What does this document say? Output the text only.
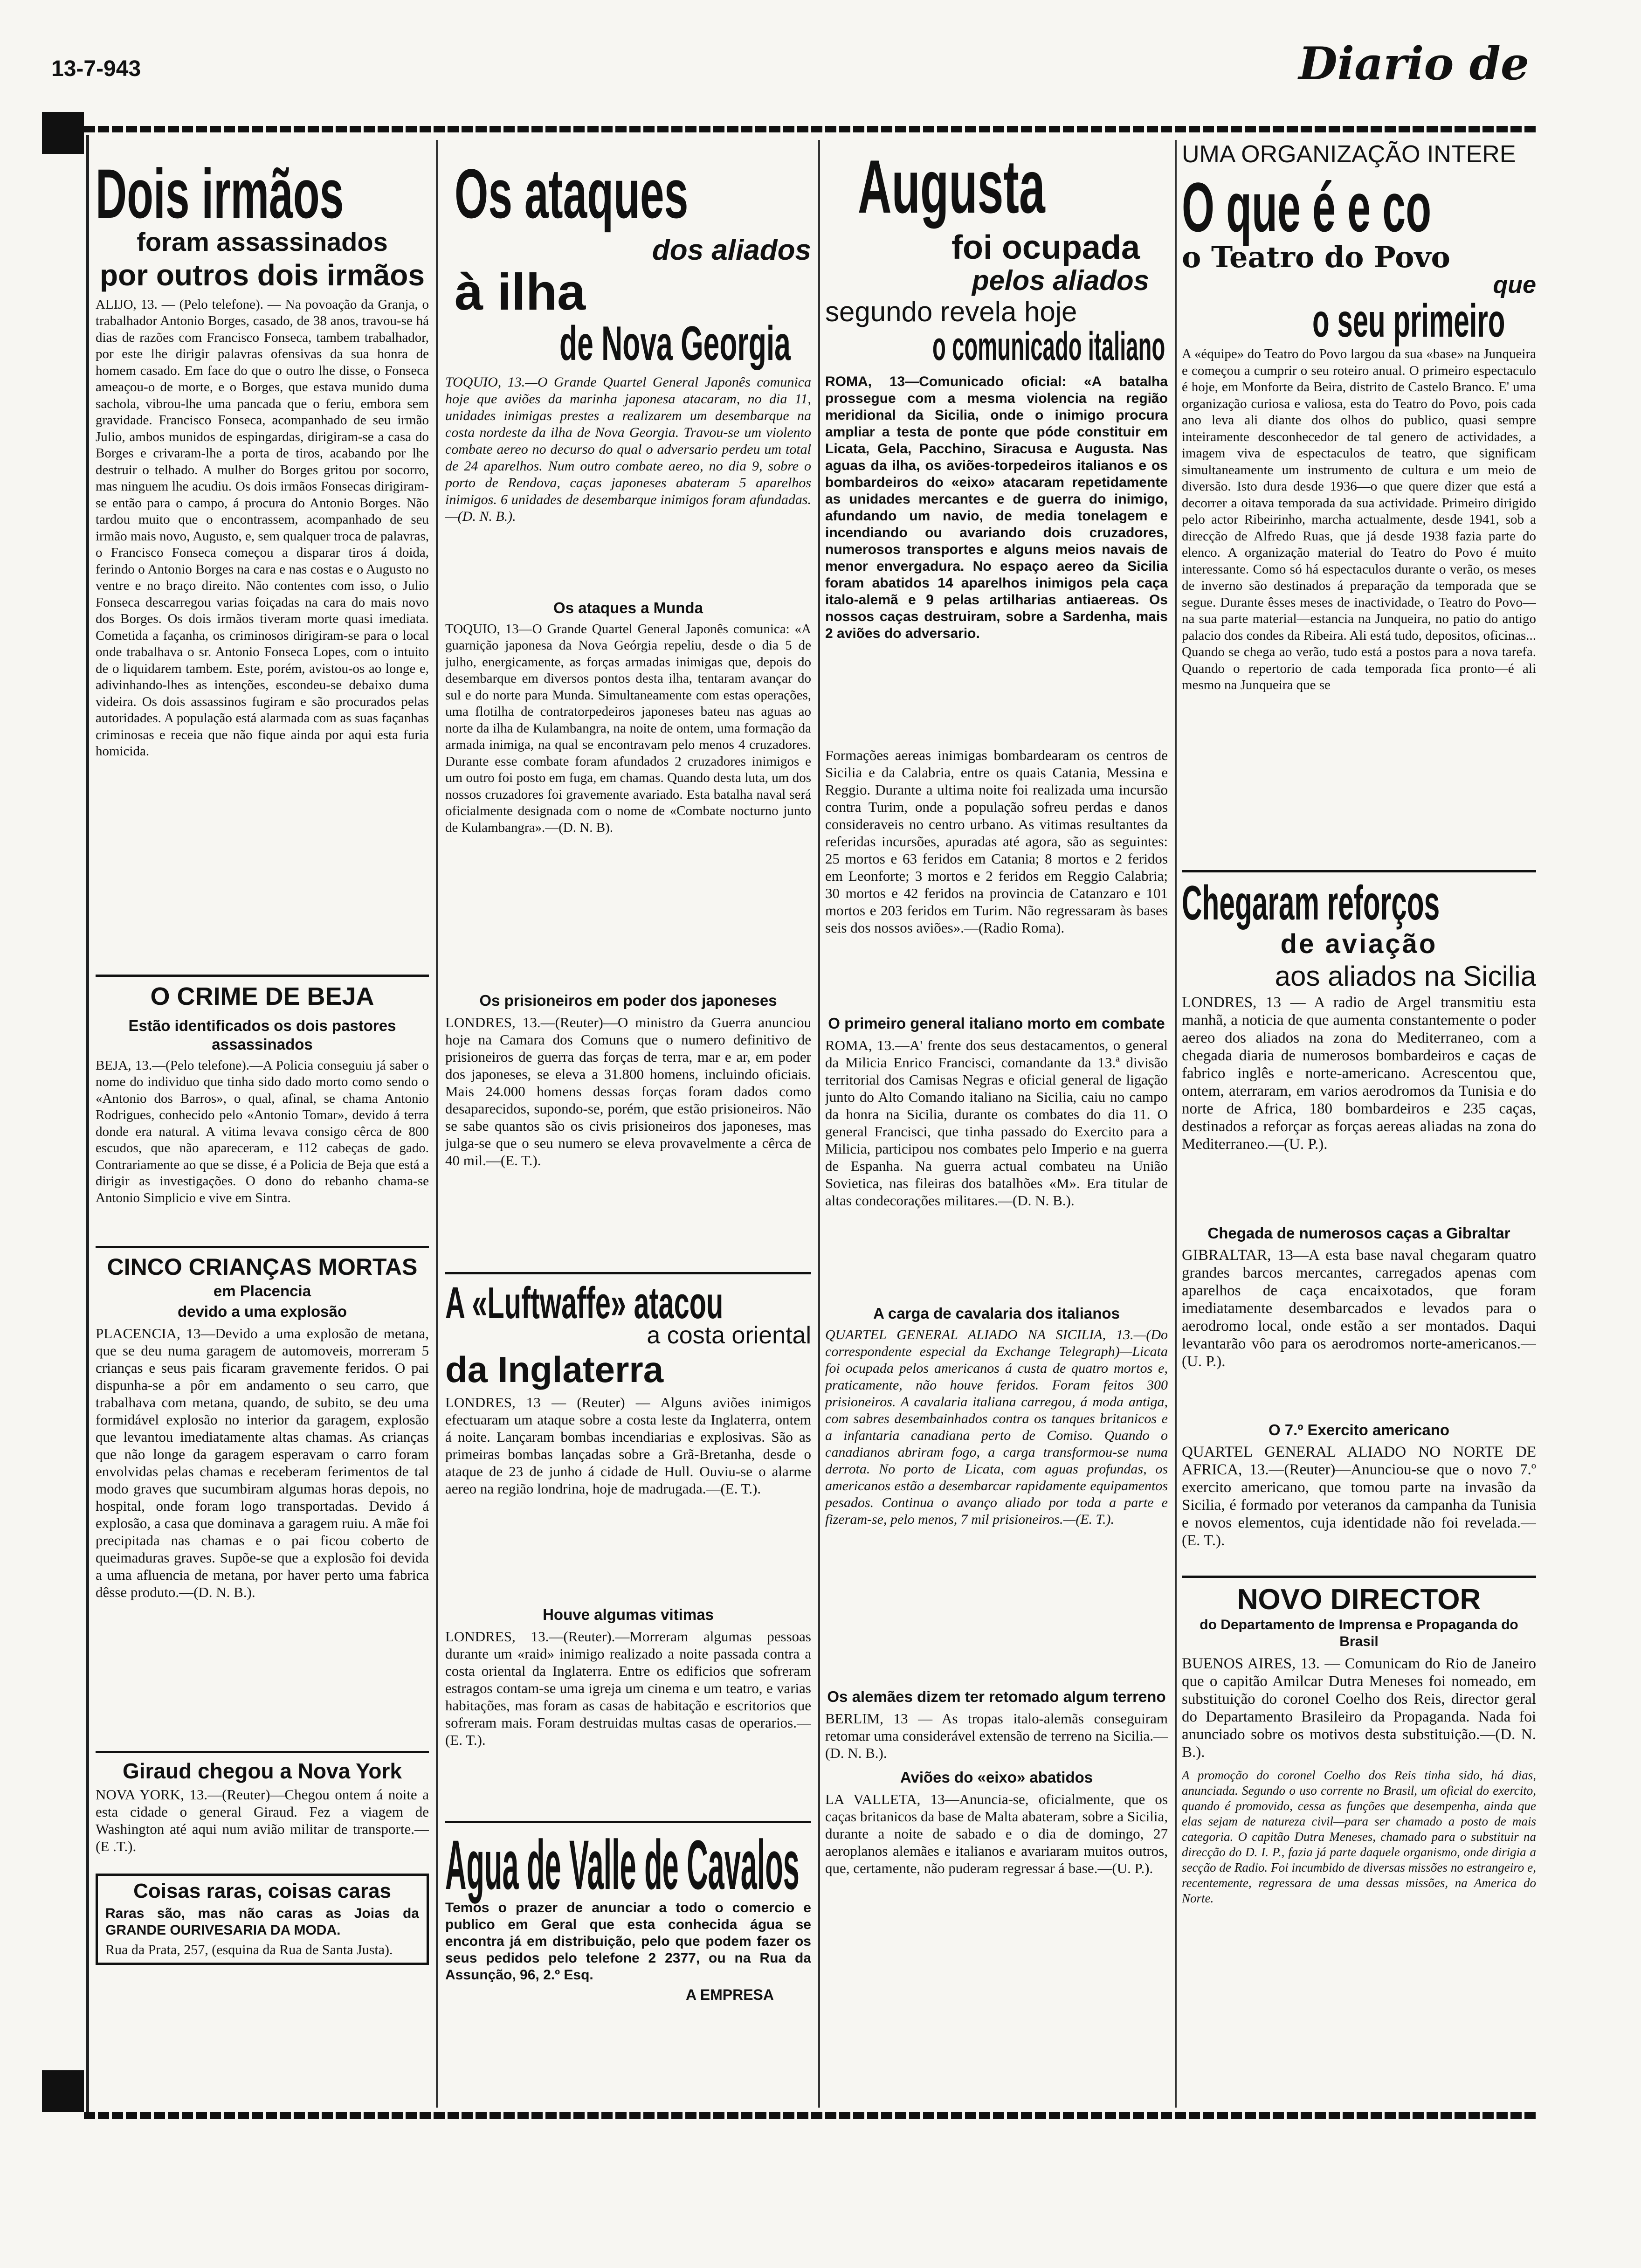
13-7-943	Diario de
Dois irmãos
foram assassinados
por outros dois irmãos

ALIJO, 13. — (Pelo telefone). — Na povoação da Granja, o trabalhador Antonio Borges, casado, de 38 anos, travou-se há dias de razões com Francisco Fonseca, tambem trabalhador, por este lhe dirigir palavras ofensivas da sua honra de homem casado. Em face do que o outro lhe disse, o Fonseca ameaçou-o de morte, e o Borges, que estava munido duma sachola, vibrou-lhe uma pancada que o feriu, embora sem gravidade. Francisco Fonseca, acompanhado de seu irmão Julio, ambos munidos de espingardas, dirigiram-se a casa do Borges e crivaram-lhe a porta de tiros, acabando por lhe destruir o telhado. A mulher do Borges gritou por socorro, mas ninguem lhe acudiu. Os dois irmãos Fonsecas dirigiram-se então para o campo, á procura do Antonio Borges. Não tardou muito que o encontrassem, acompanhado de seu irmão mais novo, Augusto, e, sem qualquer troca de palavras, o Francisco Fonseca começou a disparar tiros á doida, ferindo o Antonio Borges na cara e nas costas e o Augusto no ventre e no braço direito. Não contentes com isso, o Julio Fonseca descarregou varias foiçadas na cara do mais novo dos Borges. Os dois irmãos tiveram morte quasi imediata. Cometida a façanha, os criminosos dirigiram-se para o local onde trabalhava o sr. Antonio Fonseca Lopes, com o intuito de o liquidarem tambem. Este, porém, avistou-os ao longe e, adivinhando-lhes as intenções, escondeu-se debaixo duma videira. Os dois assassinos fugiram e são procurados pelas autoridades. A população está alarmada com as suas façanhas criminosas e receia que não fique ainda por aqui esta furia homicida.

O CRIME DE BEJA
Estão identificados os dois pastores assassinados

BEJA, 13.—(Pelo telefone).—A Policia conseguiu já saber o nome do individuo que tinha sido dado morto como sendo o «Antonio dos Barros», o qual, afinal, se chama Antonio Rodrigues, conhecido pelo «Antonio Tomar», devido á terra donde era natural. A vitima levava consigo cêrca de 800 escudos, que não apareceram, e 112 cabeças de gado. Contrariamente ao que se disse, é a Policia de Beja que está a dirigir as investigações. O dono do rebanho chama-se Antonio Simplicio e vive em Sintra.

CINCO CRIANÇAS MORTAS
em Placencia
devido a uma explosão

PLACENCIA, 13—Devido a uma explosão de metana, que se deu numa garagem de automoveis, morreram 5 crianças e seus pais ficaram gravemente feridos. O pai dispunha-se a pôr em andamento o seu carro, que trabalhava com metana, quando, de subito, se deu uma formidável explosão no interior da garagem, explosão que levantou imediatamente altas chamas. As crianças que não longe da garagem esperavam o carro foram envolvidas pelas chamas e receberam ferimentos de tal modo graves que sucumbiram algumas horas depois, no hospital, onde foram logo transportadas. Devido á explosão, a casa que dominava a garagem ruiu. A mãe foi precipitada nas chamas e o pai ficou coberto de queimaduras graves. Supõe-se que a explosão foi devida a uma afluencia de metana, por haver perto uma fabrica dêsse produto.—(D. N. B.).

Giraud chegou a Nova York

NOVA YORK, 13.—(Reuter)—Chegou ontem á noite a esta cidade o general Giraud. Fez a viagem de Washington até aqui num avião militar de transporte.—(E .T.).

Coisas raras, coisas caras

Raras são, mas não caras as Joias da GRANDE OURIVESARIA DA MODA.

Rua da Prata, 257, (esquina da Rua de Santa Justa).

Os ataques
dos aliados
à ilha
de Nova Georgia

TOQUIO, 13.—O Grande Quartel General Japonês comunica hoje que aviões da marinha japonesa atacaram, no dia 11, unidades inimigas prestes a realizarem um desembarque na costa nordeste da ilha de Nova Georgia. Travou-se um violento combate aereo no decurso do qual o adversario perdeu um total de 24 aparelhos. Num outro combate aereo, no dia 9, sobre o porto de Rendova, caças japoneses abateram 5 aparelhos inimigos. 6 unidades de desembarque inimigos foram afundadas.—(D. N. B.).

Os ataques a Munda

TOQUIO, 13—O Grande Quartel General Japonês comunica: «A guarnição japonesa da Nova Geórgia repeliu, desde o dia 5 de julho, energicamente, as forças armadas inimigas que, depois do desembarque em diversos pontos desta ilha, tentaram avançar do sul e do norte para Munda. Simultaneamente com estas operações, uma flotilha de contratorpedeiros japoneses bateu nas aguas ao norte da ilha de Kulambangra, na noite de ontem, uma formação da armada inimiga, na qual se encontravam pelo menos 4 cruzadores. Durante esse combate foram afundados 2 cruzadores inimigos e um outro foi posto em fuga, em chamas. Quando desta luta, um dos nossos cruzadores foi gravemente avariado. Esta batalha naval será oficialmente designada com o nome de «Combate nocturno junto de Kulambangra».—(D. N. B).

Os prisioneiros em poder dos japoneses

LONDRES, 13.—(Reuter)—O ministro da Guerra anunciou hoje na Camara dos Comuns que o numero definitivo de prisioneiros de guerra das forças de terra, mar e ar, em poder dos japoneses, se eleva a 31.800 homens, incluindo oficiais. Mais 24.000 homens dessas forças foram dados como desaparecidos, supondo-se, porém, que estão prisioneiros. Não se sabe quantos são os civis prisioneiros dos japoneses, mas julga-se que o seu numero se eleva provavelmente a cêrca de 40 mil.—(E. T.).

A «Luftwaffe» atacou
a costa oriental
da Inglaterra

LONDRES, 13 — (Reuter) — Alguns aviões inimigos efectuaram um ataque sobre a costa leste da Inglaterra, ontem á noite. Lançaram bombas incendiarias e explosivas. São as primeiras bombas lançadas sobre a Grã-Bretanha, desde o ataque de 23 de junho á cidade de Hull. Ouviu-se o alarme aereo na região londrina, hoje de madrugada.—(E. T.).

Houve algumas vitimas

LONDRES, 13.—(Reuter).—Morreram algumas pessoas durante um «raid» inimigo realizado a noite passada contra a costa oriental da Inglaterra. Entre os edificios que sofreram estragos contam-se uma igreja um cinema e um teatro, e varias habitações, mas foram as casas de habitação e escritorios que sofreram mais. Foram destruidas multas casas de operarios.—(E. T.).

Agua de Valle de Cavalos

Temos o prazer de anunciar a todo o comercio e publico em Geral que esta conhecida água se encontra já em distribuição, pelo que podem fazer os seus pedidos pelo telefone 2 2377, ou na Rua da Assunção, 96, 2.º Esq.

A EMPRESA
Augusta
foi ocupada
pelos aliados
segundo revela hoje
o comunicado italiano

ROMA, 13—Comunicado oficial: «A batalha prossegue com a mesma violencia na região meridional da Sicilia, onde o inimigo procura ampliar a testa de ponte que póde constituir em Licata, Gela, Pacchino, Siracusa e Augusta. Nas aguas da ilha, os aviões-torpedeiros italianos e os bombardeiros do «eixo» atacaram repetidamente as unidades mercantes e de guerra do inimigo, afundando um navio, de media tonelagem e incendiando ou avariando dois cruzadores, numerosos transportes e alguns meios navais de menor envergadura. No espaço aereo da Sicilia foram abatidos 14 aparelhos inimigos pela caça italo-alemã e 9 pelas artilharias antiaereas. Os nossos caças destruiram, sobre a Sardenha, mais 2 aviões do adversario.

Formações aereas inimigas bombardearam os centros de Sicilia e da Calabria, entre os quais Catania, Messina e Reggio. Durante a ultima noite foi realizada uma incursão contra Turim, onde a população sofreu perdas e danos consideraveis no centro urbano. As vitimas resultantes da referidas incursões, apuradas até agora, são as seguintes: 25 mortos e 63 feridos em Catania; 8 mortos e 2 feridos em Leonforte; 3 mortos e 2 feridos em Reggio Calabria; 30 mortos e 42 feridos na provincia de Catanzaro e 101 mortos e 203 feridos em Turim. Não regressaram às bases seis dos nossos aviões».—(Radio Roma).

O primeiro general italiano morto em combate

ROMA, 13.—A' frente dos seus destacamentos, o general da Milicia Enrico Francisci, comandante da 13.ª divisão territorial dos Camisas Negras e oficial general de ligação junto do Alto Comando italiano na Sicilia, caiu no campo da honra na Sicilia, durante os combates do dia 11. O general Francisci, que tinha passado do Exercito para a Milicia, participou nos combates pelo Imperio e na guerra de Espanha. Na guerra actual combateu na União Sovietica, nas fileiras dos batalhões «M». Era titular de altas condecorações militares.—(D. N. B.).

A carga de cavalaria dos italianos

QUARTEL GENERAL ALIADO NA SICILIA, 13.—(Do correspondente especial da Exchange Telegraph)—Licata foi ocupada pelos americanos á custa de quatro mortos e, praticamente, não houve feridos. Foram feitos 300 prisioneiros. A cavalaria italiana carregou, á moda antiga, com sabres desembainhados contra os tanques britanicos e a infantaria canadiana perto de Comiso. Quando o canadianos abriram fogo, a carga transformou-se numa derrota. No porto de Licata, com aguas profundas, os americanos estão a desembarcar rapidamente equipamentos pesados. Continua o avanço aliado por toda a parte e fizeram-se, pelo menos, 7 mil prisioneiros.—(E. T.).

Os alemães dizem ter retomado algum terreno

BERLIM, 13 — As tropas italo-alemãs conseguiram retomar uma considerável extensão de terreno na Sicilia.—(D. N. B.).

Aviões do «eixo» abatidos

LA VALLETA, 13—Anuncia-se, oficialmente, que os caças britanicos da base de Malta abateram, sobre a Sicilia, durante a noite de sabado e o dia de domingo, 27 aeroplanos alemães e italianos e avariaram muitos outros, que, certamente, não puderam regressar á base.—(U. P.).

UMA ORGANIZAÇÃO INTERE
O que é e co
o Teatro do Povo
que
o seu primeiro

A «équipe» do Teatro do Povo largou da sua «base» na Junqueira e começou a cumprir o seu roteiro anual. O primeiro espectaculo é hoje, em Monforte da Beira, distrito de Castelo Branco. E' uma organização curiosa e valiosa, esta do Teatro do Povo, pois cada ano leva ali diante dos olhos do publico, quasi sempre inteiramente desconhecedor de tal genero de actividades, a imagem viva de espectaculos de teatro, que significam simultaneamente um instrumento de cultura e um meio de diversão. Isto dura desde 1936—o que quere dizer que está a decorrer a oitava temporada da sua actividade. Primeiro dirigido pelo actor Ribeirinho, marcha actualmente, desde 1941, sob a direcção de Alfredo Ruas, que já desde 1938 fazia parte do elenco. A organização material do Teatro do Povo é muito interessante. Como só há espectaculos durante o verão, os meses de inverno são destinados á preparação da temporada que se segue. Durante êsses meses de inactividade, o Teatro do Povo—na sua parte material—estancia na Junqueira, no patio do antigo palacio dos condes da Ribeira. Ali está tudo, depositos, oficinas... Quando se chega ao verão, tudo está a postos para a nova tarefa. Quando o repertorio de cada temporada fica pronto—é ali mesmo na Junqueira que se

Chegaram reforços
de aviação
aos aliados na Sicilia

LONDRES, 13 — A radio de Argel transmitiu esta manhã, a noticia de que aumenta constantemente o poder aereo dos aliados na zona do Mediterraneo, com a chegada diaria de numerosos bombardeiros e caças de fabrico inglês e norte-americano. Acrescentou que, ontem, aterraram, em varios aerodromos da Tunisia e do norte de Africa, 180 bombardeiros e 235 caças, destinados a reforçar as forças aereas aliadas na zona do Mediterraneo.—(U. P.).

Chegada de numerosos caças a Gibraltar

GIBRALTAR, 13—A esta base naval chegaram quatro grandes barcos mercantes, carregados apenas com aparelhos de caça encaixotados, que foram imediatamente desembarcados e levados para o aerodromo local, onde estão a ser montados. Daqui levantarão vôo para os aerodromos norte-americanos.—(U. P.).

O 7.º Exercito americano

QUARTEL GENERAL ALIADO NO NORTE DE AFRICA, 13.—(Reuter)—Anunciou-se que o novo 7.º exercito americano, que tomou parte na invasão da Sicilia, é formado por veteranos da campanha da Tunisia e novos elementos, cuja identidade não foi revelada.—(E. T.).

NOVO DIRECTOR
do Departamento de Imprensa e Propaganda do Brasil

BUENOS AIRES, 13. — Comunicam do Rio de Janeiro que o capitão Amilcar Dutra Meneses foi nomeado, em substituição do coronel Coelho dos Reis, director geral do Departamento Brasileiro da Propaganda. Nada foi anunciado sobre os motivos desta substituição.—(D. N. B.).

A promoção do coronel Coelho dos Reis tinha sido, há dias, anunciada. Segundo o uso corrente no Brasil, um oficial do exercito, quando é promovido, cessa as funções que desempenha, ainda que elas sejam de natureza civil—para ser chamado a posto de mais categoria. O capitão Dutra Meneses, chamado para o substituir na direcção do D. I. P., fazia já parte daquele organismo, onde dirigia a secção de Radio. Foi incumbido de diversas missões no estrangeiro e, recentemente, regressara de uma dessas missões, na America do Norte.
